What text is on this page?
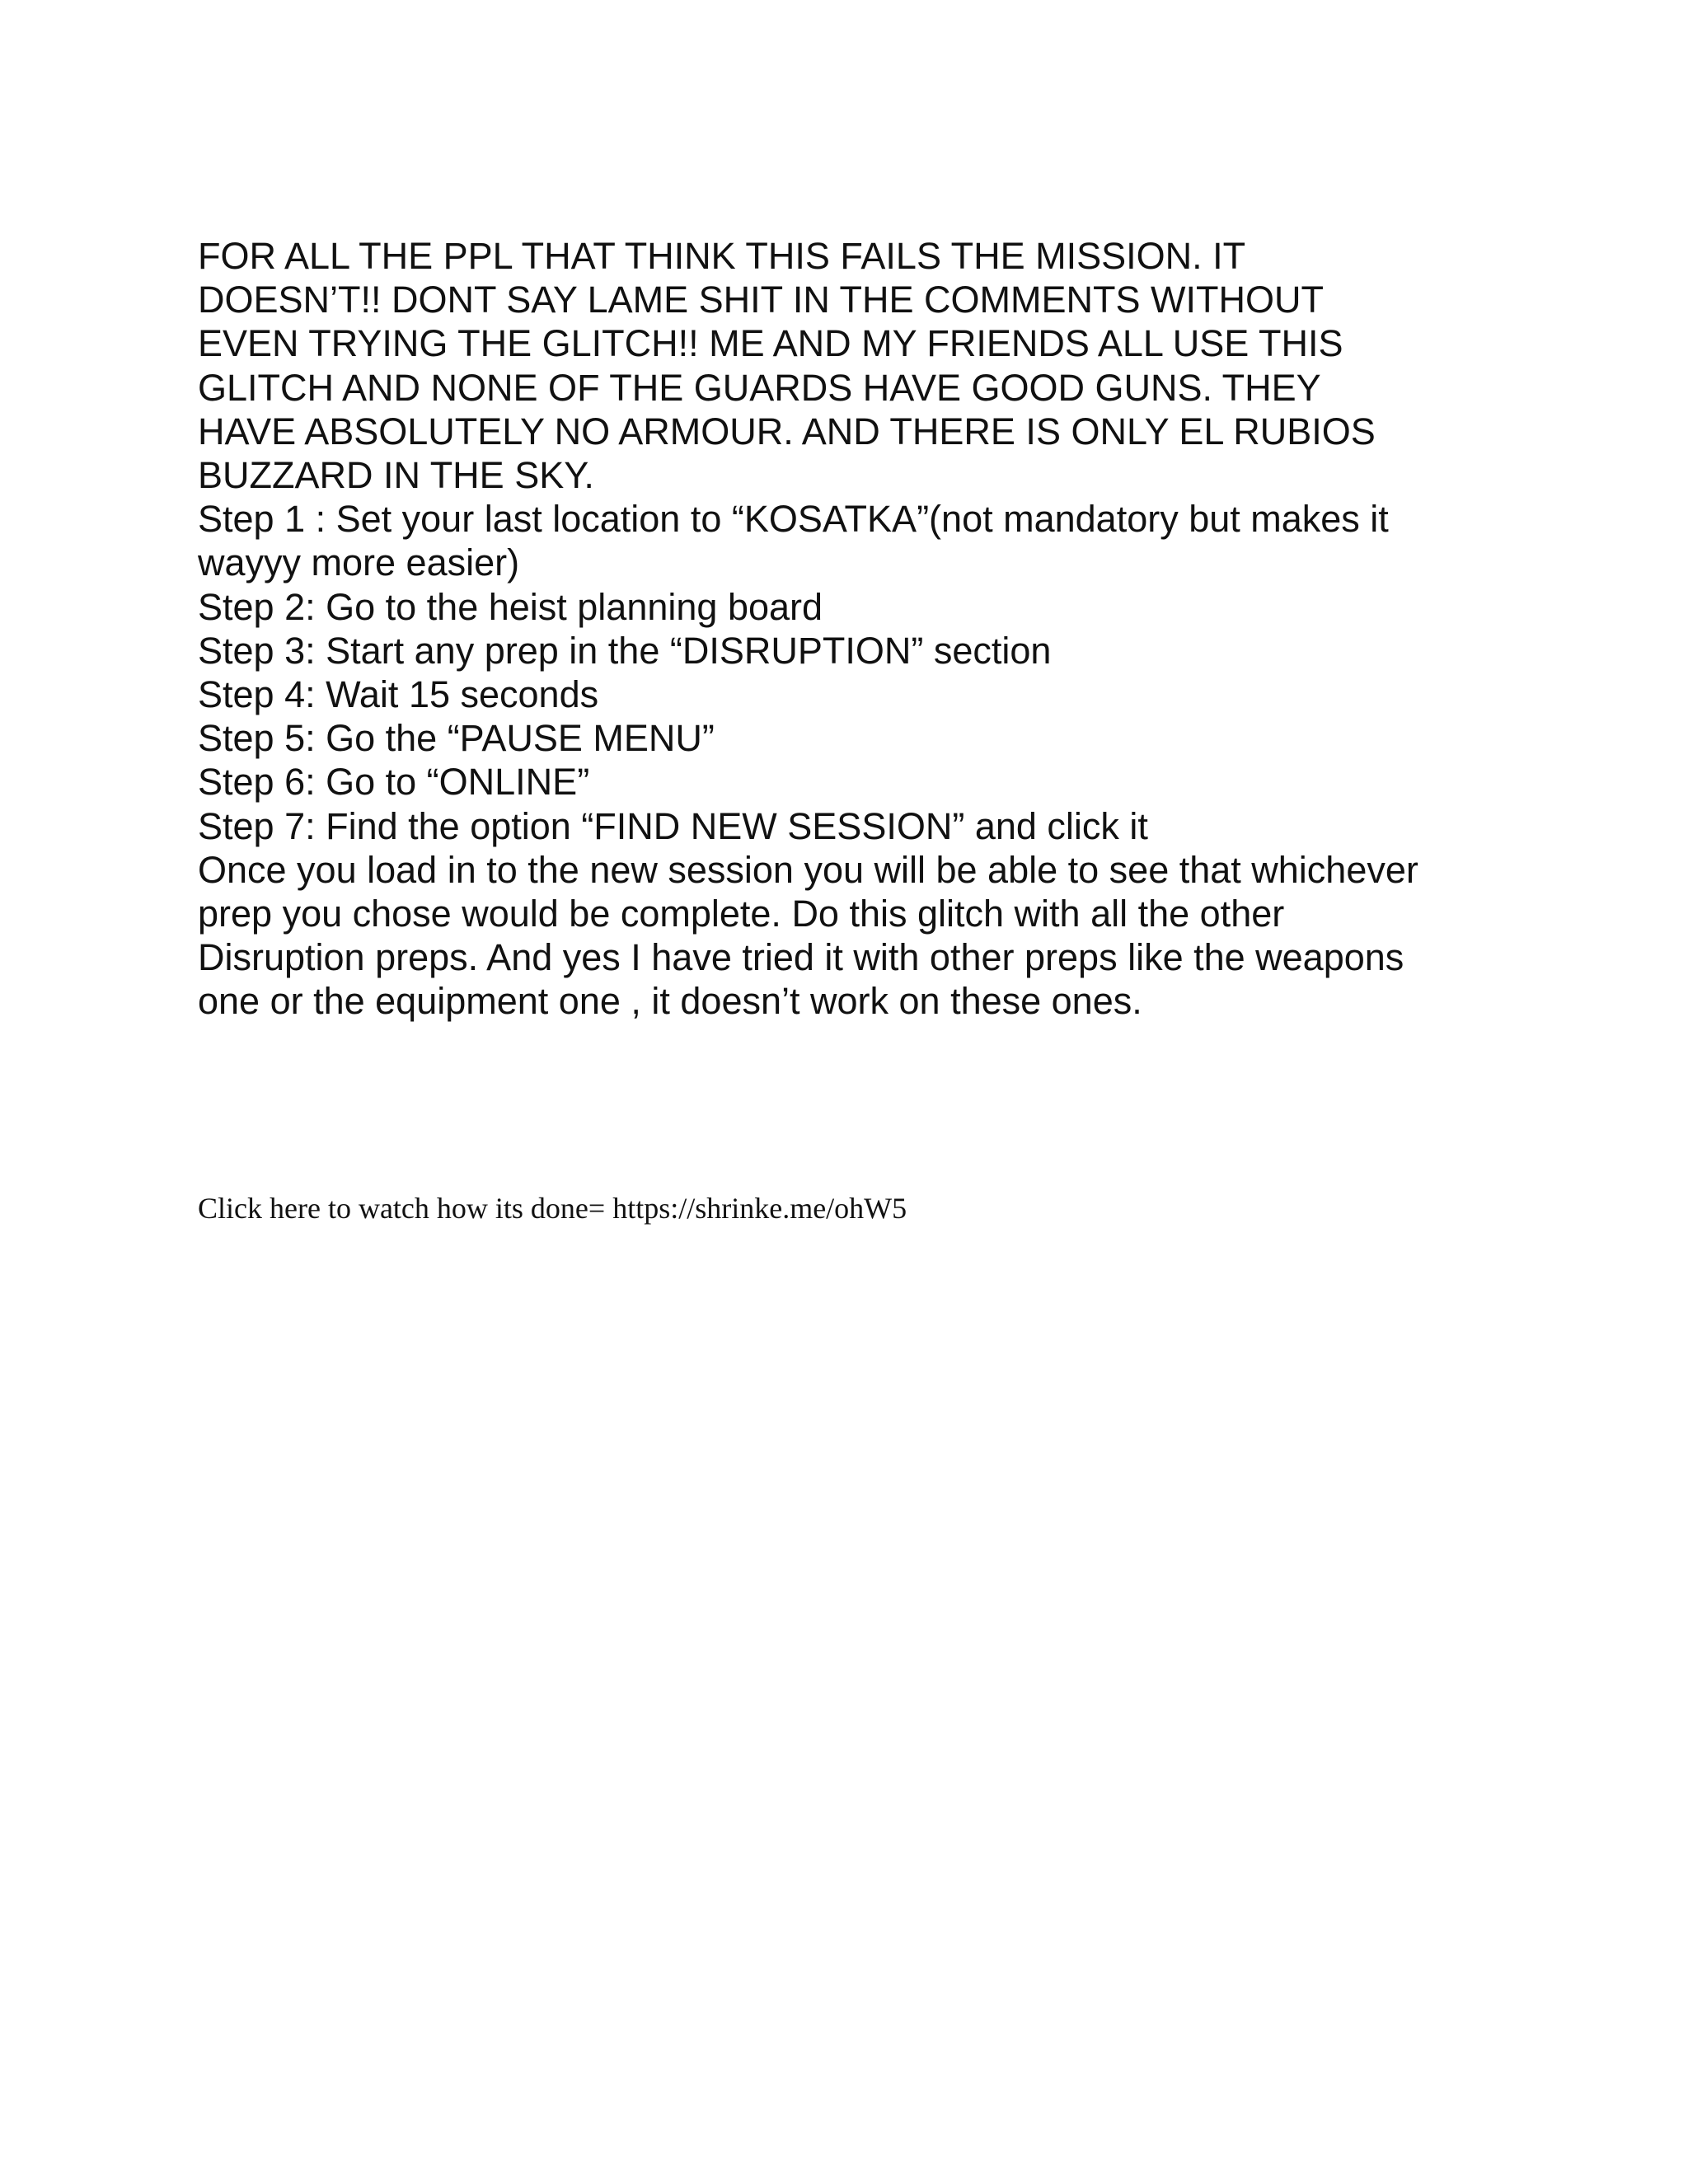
FOR ALL THE PPL THAT THINK THIS FAILS THE MISSION. IT
DOESN’T!! DONT SAY LAME SHIT IN THE COMMENTS WITHOUT
EVEN TRYING THE GLITCH!! ME AND MY FRIENDS ALL USE THIS
GLITCH AND NONE OF THE GUARDS HAVE GOOD GUNS. THEY
HAVE ABSOLUTELY NO ARMOUR. AND THERE IS ONLY EL RUBIOS
BUZZARD IN THE SKY.
Step 1 : Set your last location to “KOSATKA”(not mandatory but makes it
wayyy more easier)
Step 2: Go to the heist planning board
Step 3: Start any prep in the “DISRUPTION” section
Step 4: Wait 15 seconds
Step 5: Go the “PAUSE MENU”
Step 6: Go to “ONLINE”
Step 7: Find the option “FIND NEW SESSION” and click it
Once you load in to the new session you will be able to see that whichever
prep you chose would be complete. Do this glitch with all the other
Disruption preps. And yes I have tried it with other preps like the weapons
one or the equipment one , it doesn’t work on these ones.
Click here to watch how its done= https://shrinke.me/ohW5
